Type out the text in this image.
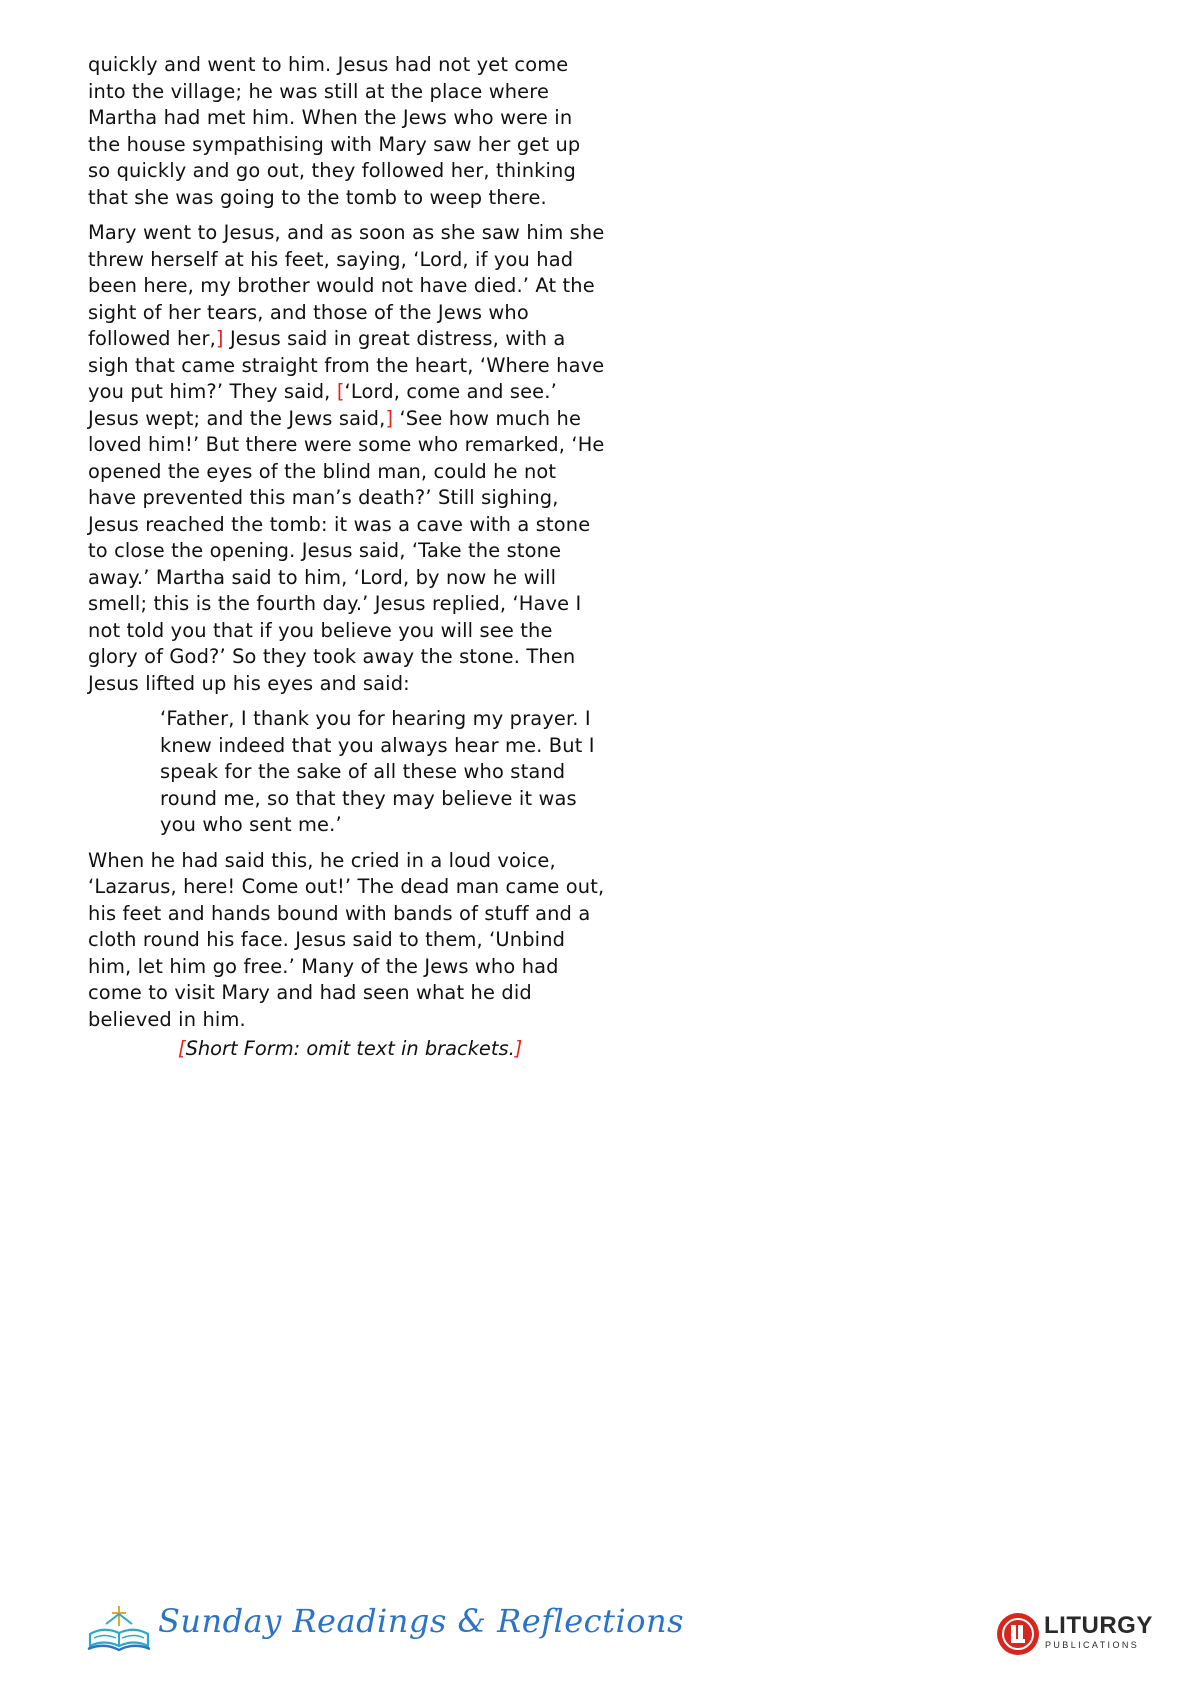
quickly and went to him. Jesus had not yet come into the village; he was still at the place where Martha had met him. When the Jews who were in the house sympathising with Mary saw her get up so quickly and go out, they followed her, thinking that she was going to the tomb to weep there.

Mary went to Jesus, and as soon as she saw him she threw herself at his feet, saying, ‘Lord, if you had been here, my brother would not have died.’ At the sight of her tears, and those of the Jews who followed her,] Jesus said in great distress, with a sigh that came straight from the heart, ‘Where have you put him?’ They said, [‘Lord, come and see.’ Jesus wept; and the Jews said,] ‘See how much he loved him!’ But there were some who remarked, ‘He opened the eyes of the blind man, could he not have prevented this man’s death?’ Still sighing, Jesus reached the tomb: it was a cave with a stone to close the opening. Jesus said, ‘Take the stone away.’ Martha said to him, ‘Lord, by now he will smell; this is the fourth day.’ Jesus replied, ‘Have I not told you that if you believe you will see the glory of God?’ So they took away the stone. Then Jesus lifted up his eyes and said:

‘Father, I thank you for hearing my prayer. I knew indeed that you always hear me. But I speak for the sake of all these who stand round me, so that they may believe it was you who sent me.’

When he had said this, he cried in a loud voice, ‘Lazarus, here! Come out!’ The dead man came out, his feet and hands bound with bands of stuff and a cloth round his face. Jesus said to them, ‘Unbind him, let him go free.’ Many of the Jews who had come to visit Mary and had seen what he did believed in him.

[Short Form: omit text in brackets.]
Sunday Readings & Reflections	LITURGY
PUBLICATIONS
